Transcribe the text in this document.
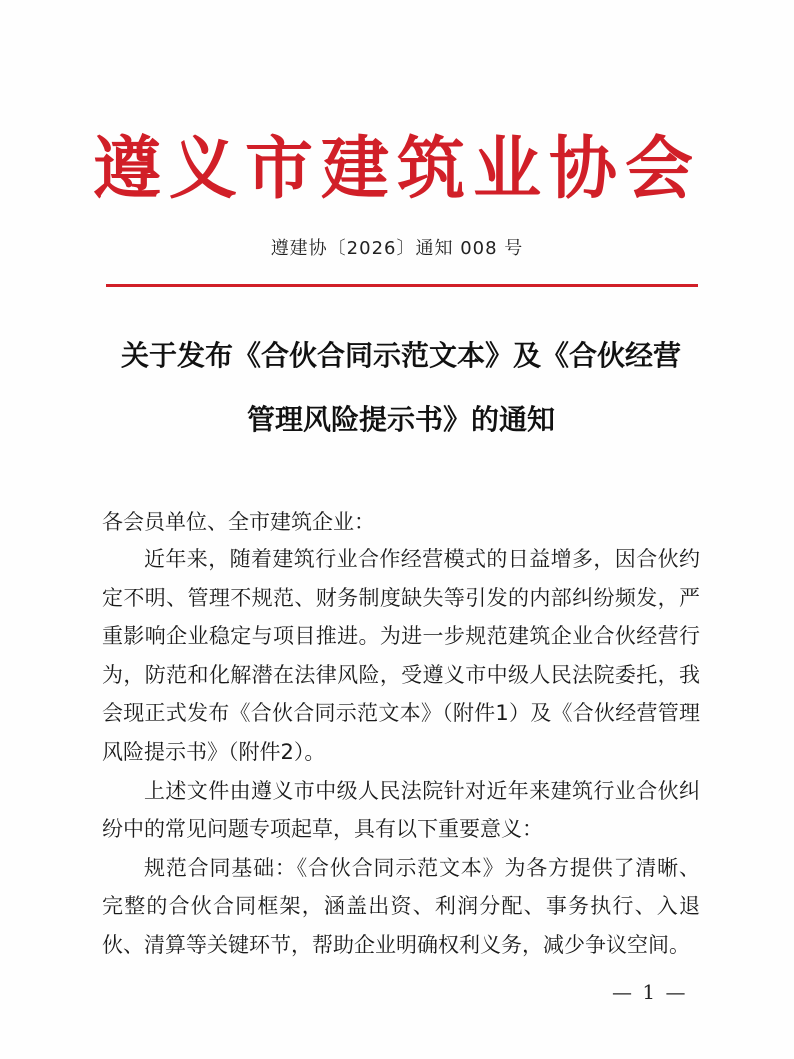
遵义市建筑业协会
遵建协〔2026〕通知 008 号
关于发布《合伙合同示范文本》及《合伙经营
管理风险提示书》的通知
各会员单位、全市建筑企业：

近年来，随着建筑行业合作经营模式的日益增多，因合伙约定不明、管理不规范、财务制度缺失等引发的内部纠纷频发，严重影响企业稳定与项目推进。为进一步规范建筑企业合伙经营行为，防范和化解潜在法律风险，受遵义市中级人民法院委托，我会现正式发布《合伙合同示范文本》（附件1）及《合伙经营管理风险提示书》（附件2）。

上述文件由遵义市中级人民法院针对近年来建筑行业合伙纠纷中的常见问题专项起草，具有以下重要意义：

规范合同基础：《合伙合同示范文本》为各方提供了清晰、完整的合伙合同框架，涵盖出资、利润分配、事务执行、入退伙、清算等关键环节，帮助企业明确权利义务，减少争议空间。

— 1 —
